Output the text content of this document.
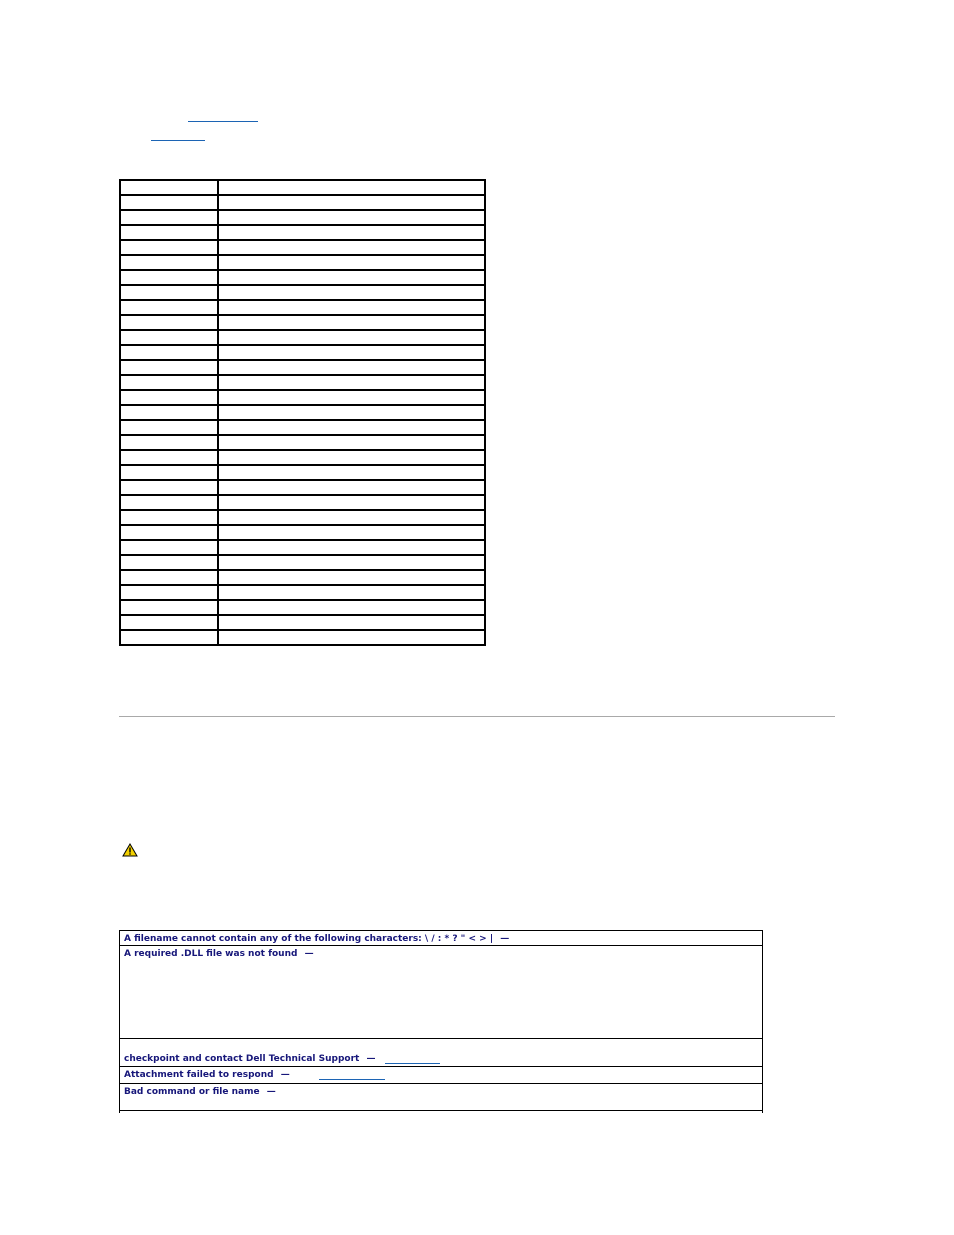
A filename cannot contain any of the following characters: \ / : * ? " < > | —
A required .DLL file was not found —
checkpoint and contact Dell Technical Support —
Attachment failed to respond —
Bad command or file name —
